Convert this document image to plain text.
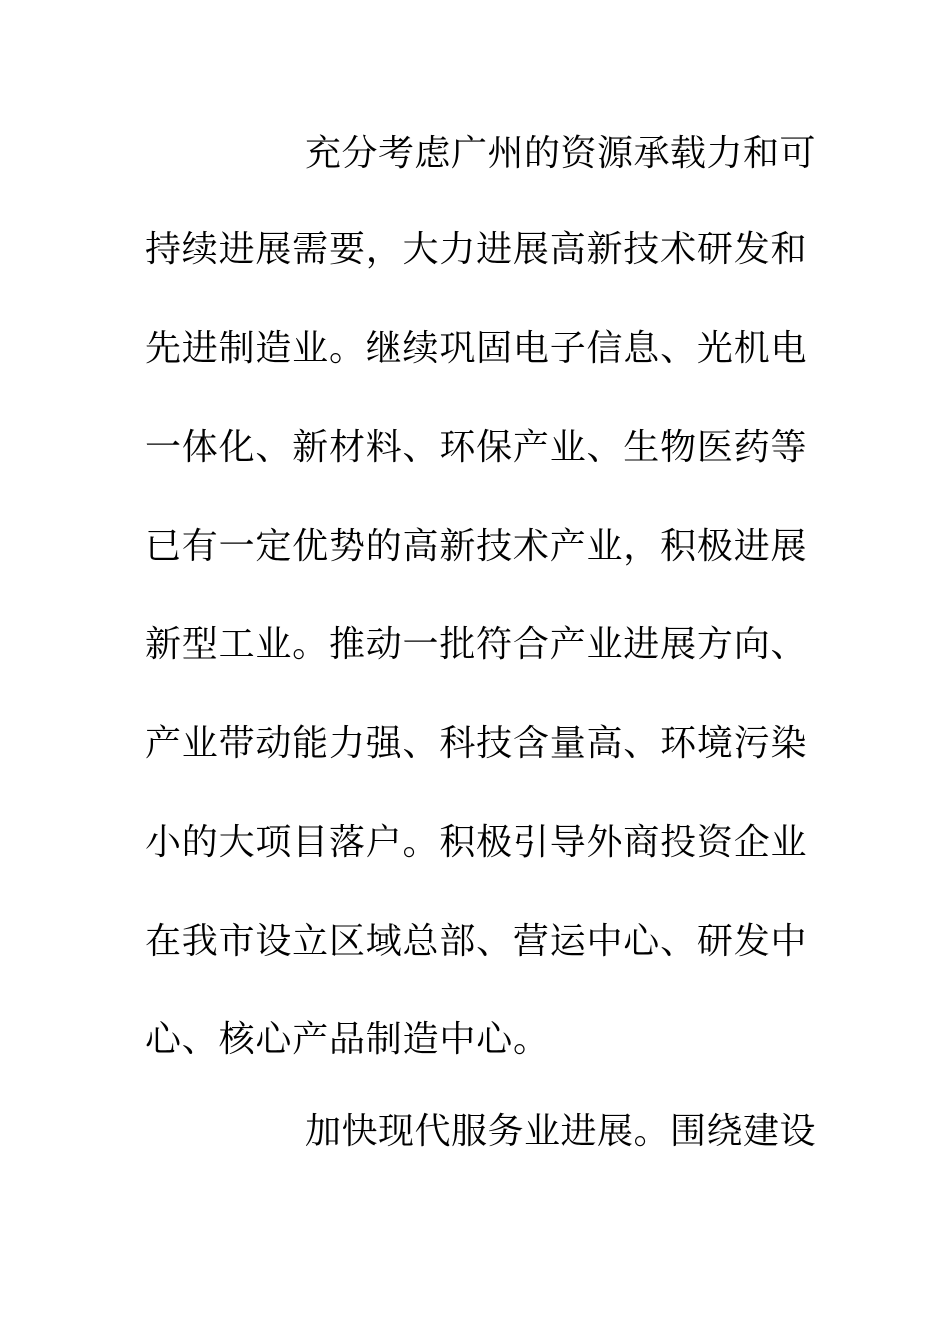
充分考虑广州的资源承载力和可
持续进展需要，大力进展高新技术研发和
先进制造业。继续巩固电子信息、光机电
一体化、新材料、环保产业、生物医药等
已有一定优势的高新技术产业，积极进展
新型工业。推动一批符合产业进展方向、
产业带动能力强、科技含量高、环境污染
小的大项目落户。积极引导外商投资企业
在我市设立区域总部、营运中心、研发中
心、核心产品制造中心。
加快现代服务业进展。围绕建设
